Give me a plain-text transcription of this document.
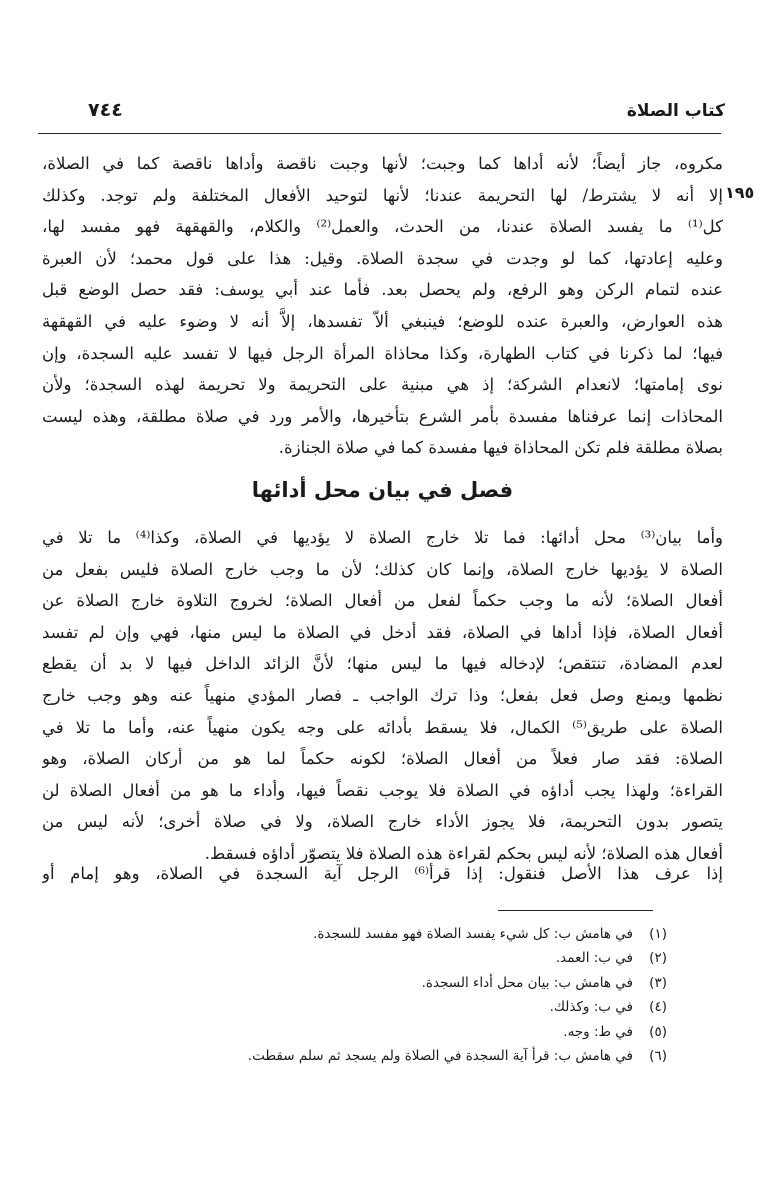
كتاب الصلاة
٧٤٤
١٩٥
مكروه، جاز أيضاً؛ لأنه أداها كما وجبت؛ لأنها وجبت ناقصة وأداها ناقصة كما في الصلاة،
إلا أنه لا يشترط/ لها التحريمة عندنا؛ لأنها لتوحيد الأفعال المختلفة ولم توجد. وكذلك
كل⁽¹⁾ ما يفسد الصلاة عندنا، من الحدث، والعمل⁽²⁾ والكلام، والقهقهة فهو مفسد لها،
وعليه إعادتها، كما لو وجدت في سجدة الصلاة. وقيل: هذا على قول محمد؛ لأن العبرة
عنده لتمام الركن وهو الرفع، ولم يحصل بعد. فأما عند أبي يوسف: فقد حصل الوضع قبل
هذه العوارض، والعبرة عنده للوضع؛ فينبغي ألاّ تفسدها، إلاَّ أنه لا وضوء عليه في القهقهة
فيها؛ لما ذكرنا في كتاب الطهارة، وكذا محاذاة المرأة الرجل فيها لا تفسد عليه السجدة، وإن
نوى إمامتها؛ لانعدام الشركة؛ إذ هي مبنية على التحريمة ولا تحريمة لهذه السجدة؛ ولأن
المحاذات إنما عرفناها مفسدة بأمر الشرع بتأخيرها، والأمر ورد في صلاة مطلقة، وهذه ليست
بصلاة مطلقة فلم تكن المحاذاة فيها مفسدة كما في صلاة الجنازة.
فصل في بيان محل أدائها
وأما بيان⁽³⁾ محل أدائها: فما تلا خارج الصلاة لا يؤديها في الصلاة، وكذا⁽⁴⁾ ما تلا في
الصلاة لا يؤديها خارج الصلاة، وإنما كان كذلك؛ لأن ما وجب خارج الصلاة فليس بفعل من
أفعال الصلاة؛ لأنه ما وجب حكماً لفعل من أفعال الصلاة؛ لخروج التلاوة خارج الصلاة عن
أفعال الصلاة، فإذا أداها في الصلاة، فقد أدخل في الصلاة ما ليس منها، فهي وإن لم تفسد
لعدم المضادة، تنتقص؛ لإدخاله فيها ما ليس منها؛ لأنَّ الزائد الداخل فيها لا بد أن يقطع
نظمها ويمنع وصل فعل بفعل؛ وذا ترك الواجب ـ فصار المؤدي منهياً عنه وهو وجب خارج
الصلاة على طريق⁽⁵⁾ الكمال، فلا يسقط بأدائه على وجه يكون منهياً عنه، وأما ما تلا في
الصلاة: فقد صار فعلاً من أفعال الصلاة؛ لكونه حكماً لما هو من أركان الصلاة، وهو
القراءة؛ ولهذا يجب أداؤه في الصلاة فلا يوجب نقصاً فيها، وأداء ما هو من أفعال الصلاة لن
يتصور بدون التحريمة، فلا يجوز الأداء خارج الصلاة، ولا في صلاة أخرى؛ لأنه ليس من
أفعال هذه الصلاة؛ لأنه ليس بحكم لقراءة هذه الصلاة فلا يتصوّر أداؤه فسقط.
إذا عرف هذا الأصل فنقول: إذا قرأ⁽⁶⁾ الرجل آية السجدة في الصلاة، وهو إمام أو
(١)في هامش ب: كل شيء يفسد الصلاة فهو مفسد للسجدة.
(٢)في ب: العمد.
(٣)في هامش ب: بيان محل أداء السجدة.
(٤)في ب: وكذلك.
(٥)في ط: وجه.
(٦)في هامش ب: قرأ آية السجدة في الصلاة ولم يسجد ثم سلم سقطت.
